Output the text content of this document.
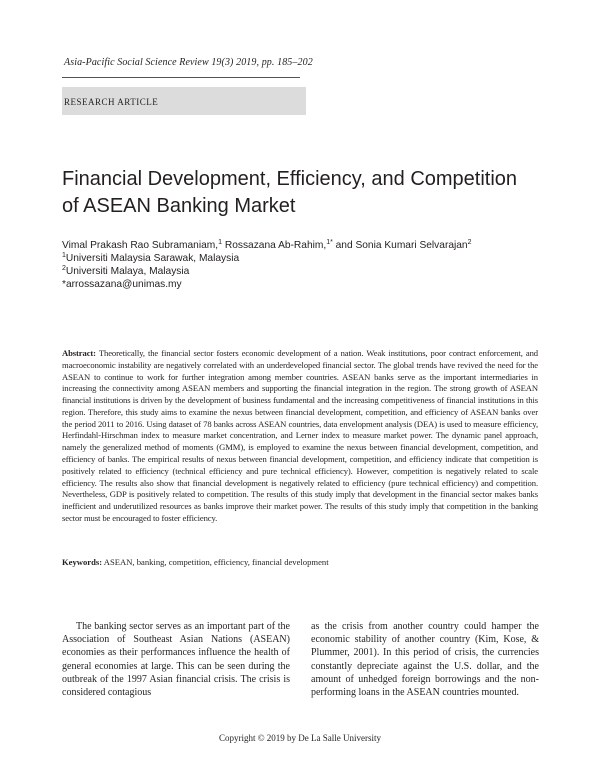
Asia-Pacific Social Science Review 19(3) 2019, pp. 185–202
RESEARCH ARTICLE
Financial Development, Efficiency, and Competition
of ASEAN Banking Market
Vimal Prakash Rao Subramaniam,$^1$ Rossazana Ab-Rahim,$^{1*}$ and Sonia Kumari Selvarajan$^2$
$^1$Universiti Malaysia Sarawak, Malaysia
$^2$Universiti Malaya, Malaysia
*arrossazana@unimas.my

Abstract: Theoretically, the financial sector fosters economic development of a nation. Weak institutions, poor contract enforcement, and macroeconomic instability are negatively correlated with an underdeveloped financial sector. The global trends have revived the need for the ASEAN to continue to work for further integration among member countries. ASEAN banks serve as the important intermediaries in increasing the connectivity among ASEAN members and supporting the financial integration in the region. The strong growth of ASEAN financial institutions is driven by the development of business fundamental and the increasing competitiveness of financial institutions in this region. Therefore, this study aims to examine the nexus between financial development, competition, and efficiency of ASEAN banks over the period 2011 to 2016. Using dataset of 78 banks across ASEAN countries, data envelopment analysis (DEA) is used to measure efficiency, Herfindahl-Hirschman index to measure market concentration, and Lerner index to measure market power. The dynamic panel approach, namely the generalized method of moments (GMM), is employed to examine the nexus between financial development, competition, and efficiency of banks. The empirical results of nexus between financial development, competition, and efficiency indicate that competition is positively related to efficiency (technical efficiency and pure technical efficiency). However, competition is negatively related to scale efficiency. The results also show that financial development is negatively related to efficiency (pure technical efficiency) and competition. Nevertheless, GDP is positively related to competition. The results of this study imply that development in the financial sector makes banks inefficient and underutilized resources as banks improve their market power. The results of this study imply that competition in the banking sector must be encouraged to foster efficiency.

Keywords: ASEAN, banking, competition, efficiency, financial development

The banking sector serves as an important part of the Association of Southeast Asian Nations (ASEAN) economies as their performances influence the health of general economies at large. This can be seen during the outbreak of the 1997 Asian financial crisis. The crisis is considered contagious

as the crisis from another country could hamper the economic stability of another country (Kim, Kose, & Plummer, 2001). In this period of crisis, the currencies constantly depreciate against the U.S. dollar, and the amount of unhedged foreign borrowings and the non-performing loans in the ASEAN countries mounted.

Copyright © 2019 by De La Salle University
